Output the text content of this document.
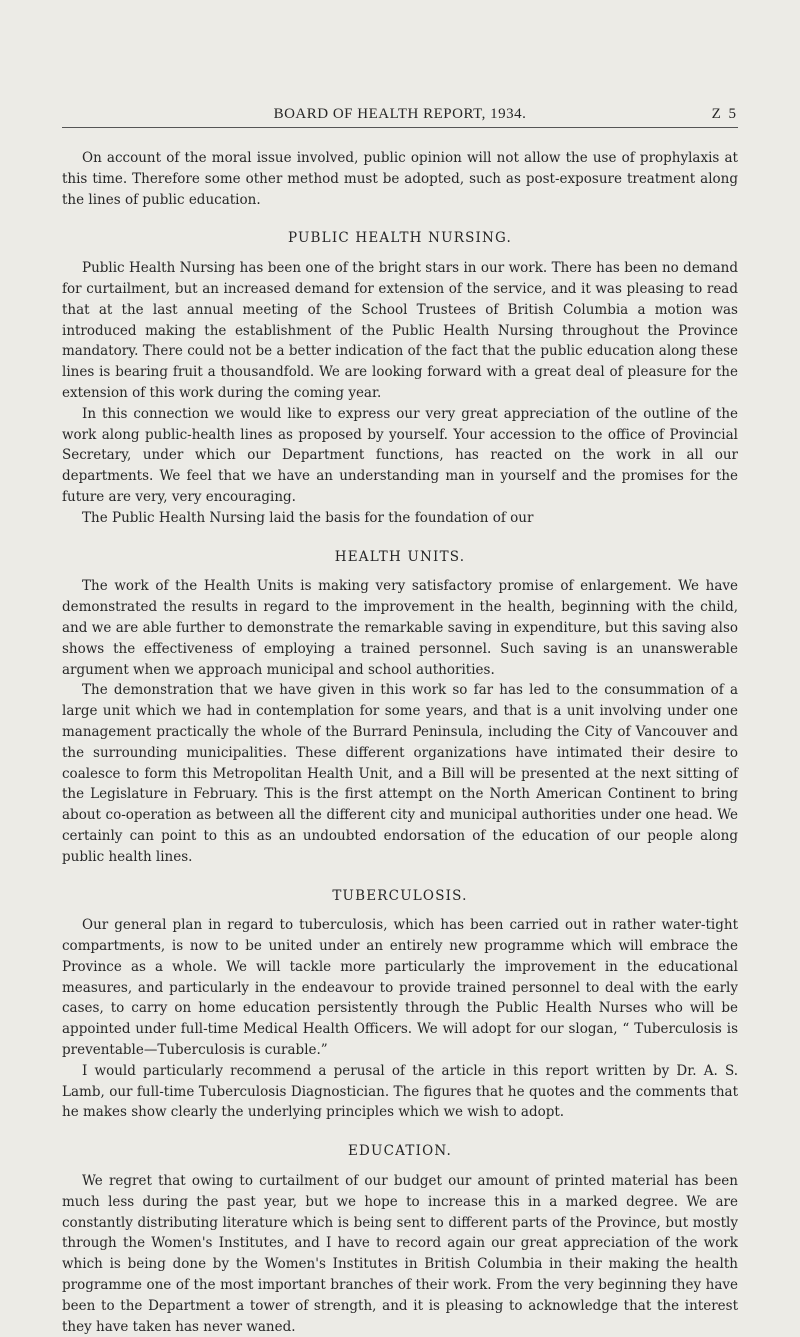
BOARD OF HEALTH REPORT, 1934.	Z 5

On account of the moral issue involved, public opinion will not allow the use of prophylaxis at this time. Therefore some other method must be adopted, such as post-exposure treatment along the lines of public education.

PUBLIC HEALTH NURSING.

Public Health Nursing has been one of the bright stars in our work. There has been no demand for curtailment, but an increased demand for extension of the service, and it was pleasing to read that at the last annual meeting of the School Trustees of British Columbia a motion was introduced making the establishment of the Public Health Nursing throughout the Province mandatory. There could not be a better indication of the fact that the public education along these lines is bearing fruit a thousandfold. We are looking forward with a great deal of pleasure for the extension of this work during the coming year.

In this connection we would like to express our very great appreciation of the outline of the work along public-health lines as proposed by yourself. Your accession to the office of Provincial Secretary, under which our Department functions, has reacted on the work in all our departments. We feel that we have an understanding man in yourself and the promises for the future are very, very encouraging.

The Public Health Nursing laid the basis for the foundation of our

HEALTH UNITS.

The work of the Health Units is making very satisfactory promise of enlargement. We have demonstrated the results in regard to the improvement in the health, beginning with the child, and we are able further to demonstrate the remarkable saving in expenditure, but this saving also shows the effectiveness of employing a trained personnel. Such saving is an unanswerable argument when we approach municipal and school authorities.

The demonstration that we have given in this work so far has led to the consummation of a large unit which we had in contemplation for some years, and that is a unit involving under one management practically the whole of the Burrard Peninsula, including the City of Vancouver and the surrounding municipalities. These different organizations have intimated their desire to coalesce to form this Metropolitan Health Unit, and a Bill will be presented at the next sitting of the Legislature in February. This is the first attempt on the North American Continent to bring about co-operation as between all the different city and municipal authorities under one head. We certainly can point to this as an undoubted endorsation of the education of our people along public health lines.

TUBERCULOSIS.

Our general plan in regard to tuberculosis, which has been carried out in rather water-tight compartments, is now to be united under an entirely new programme which will embrace the Province as a whole. We will tackle more particularly the improvement in the educational measures, and particularly in the endeavour to provide trained personnel to deal with the early cases, to carry on home education persistently through the Public Health Nurses who will be appointed under full-time Medical Health Officers. We will adopt for our slogan, “ Tuberculosis is preventable—Tuberculosis is curable.”

I would particularly recommend a perusal of the article in this report written by Dr. A. S. Lamb, our full-time Tuberculosis Diagnostician. The figures that he quotes and the comments that he makes show clearly the underlying principles which we wish to adopt.

EDUCATION.

We regret that owing to curtailment of our budget our amount of printed material has been much less during the past year, but we hope to increase this in a marked degree. We are constantly distributing literature which is being sent to different parts of the Province, but mostly through the Women's Institutes, and I have to record again our great appreciation of the work which is being done by the Women's Institutes in British Columbia in their making the health programme one of the most important branches of their work. From the very beginning they have been to the Department a tower of strength, and it is pleasing to acknowledge that the interest they have taken has never waned.
